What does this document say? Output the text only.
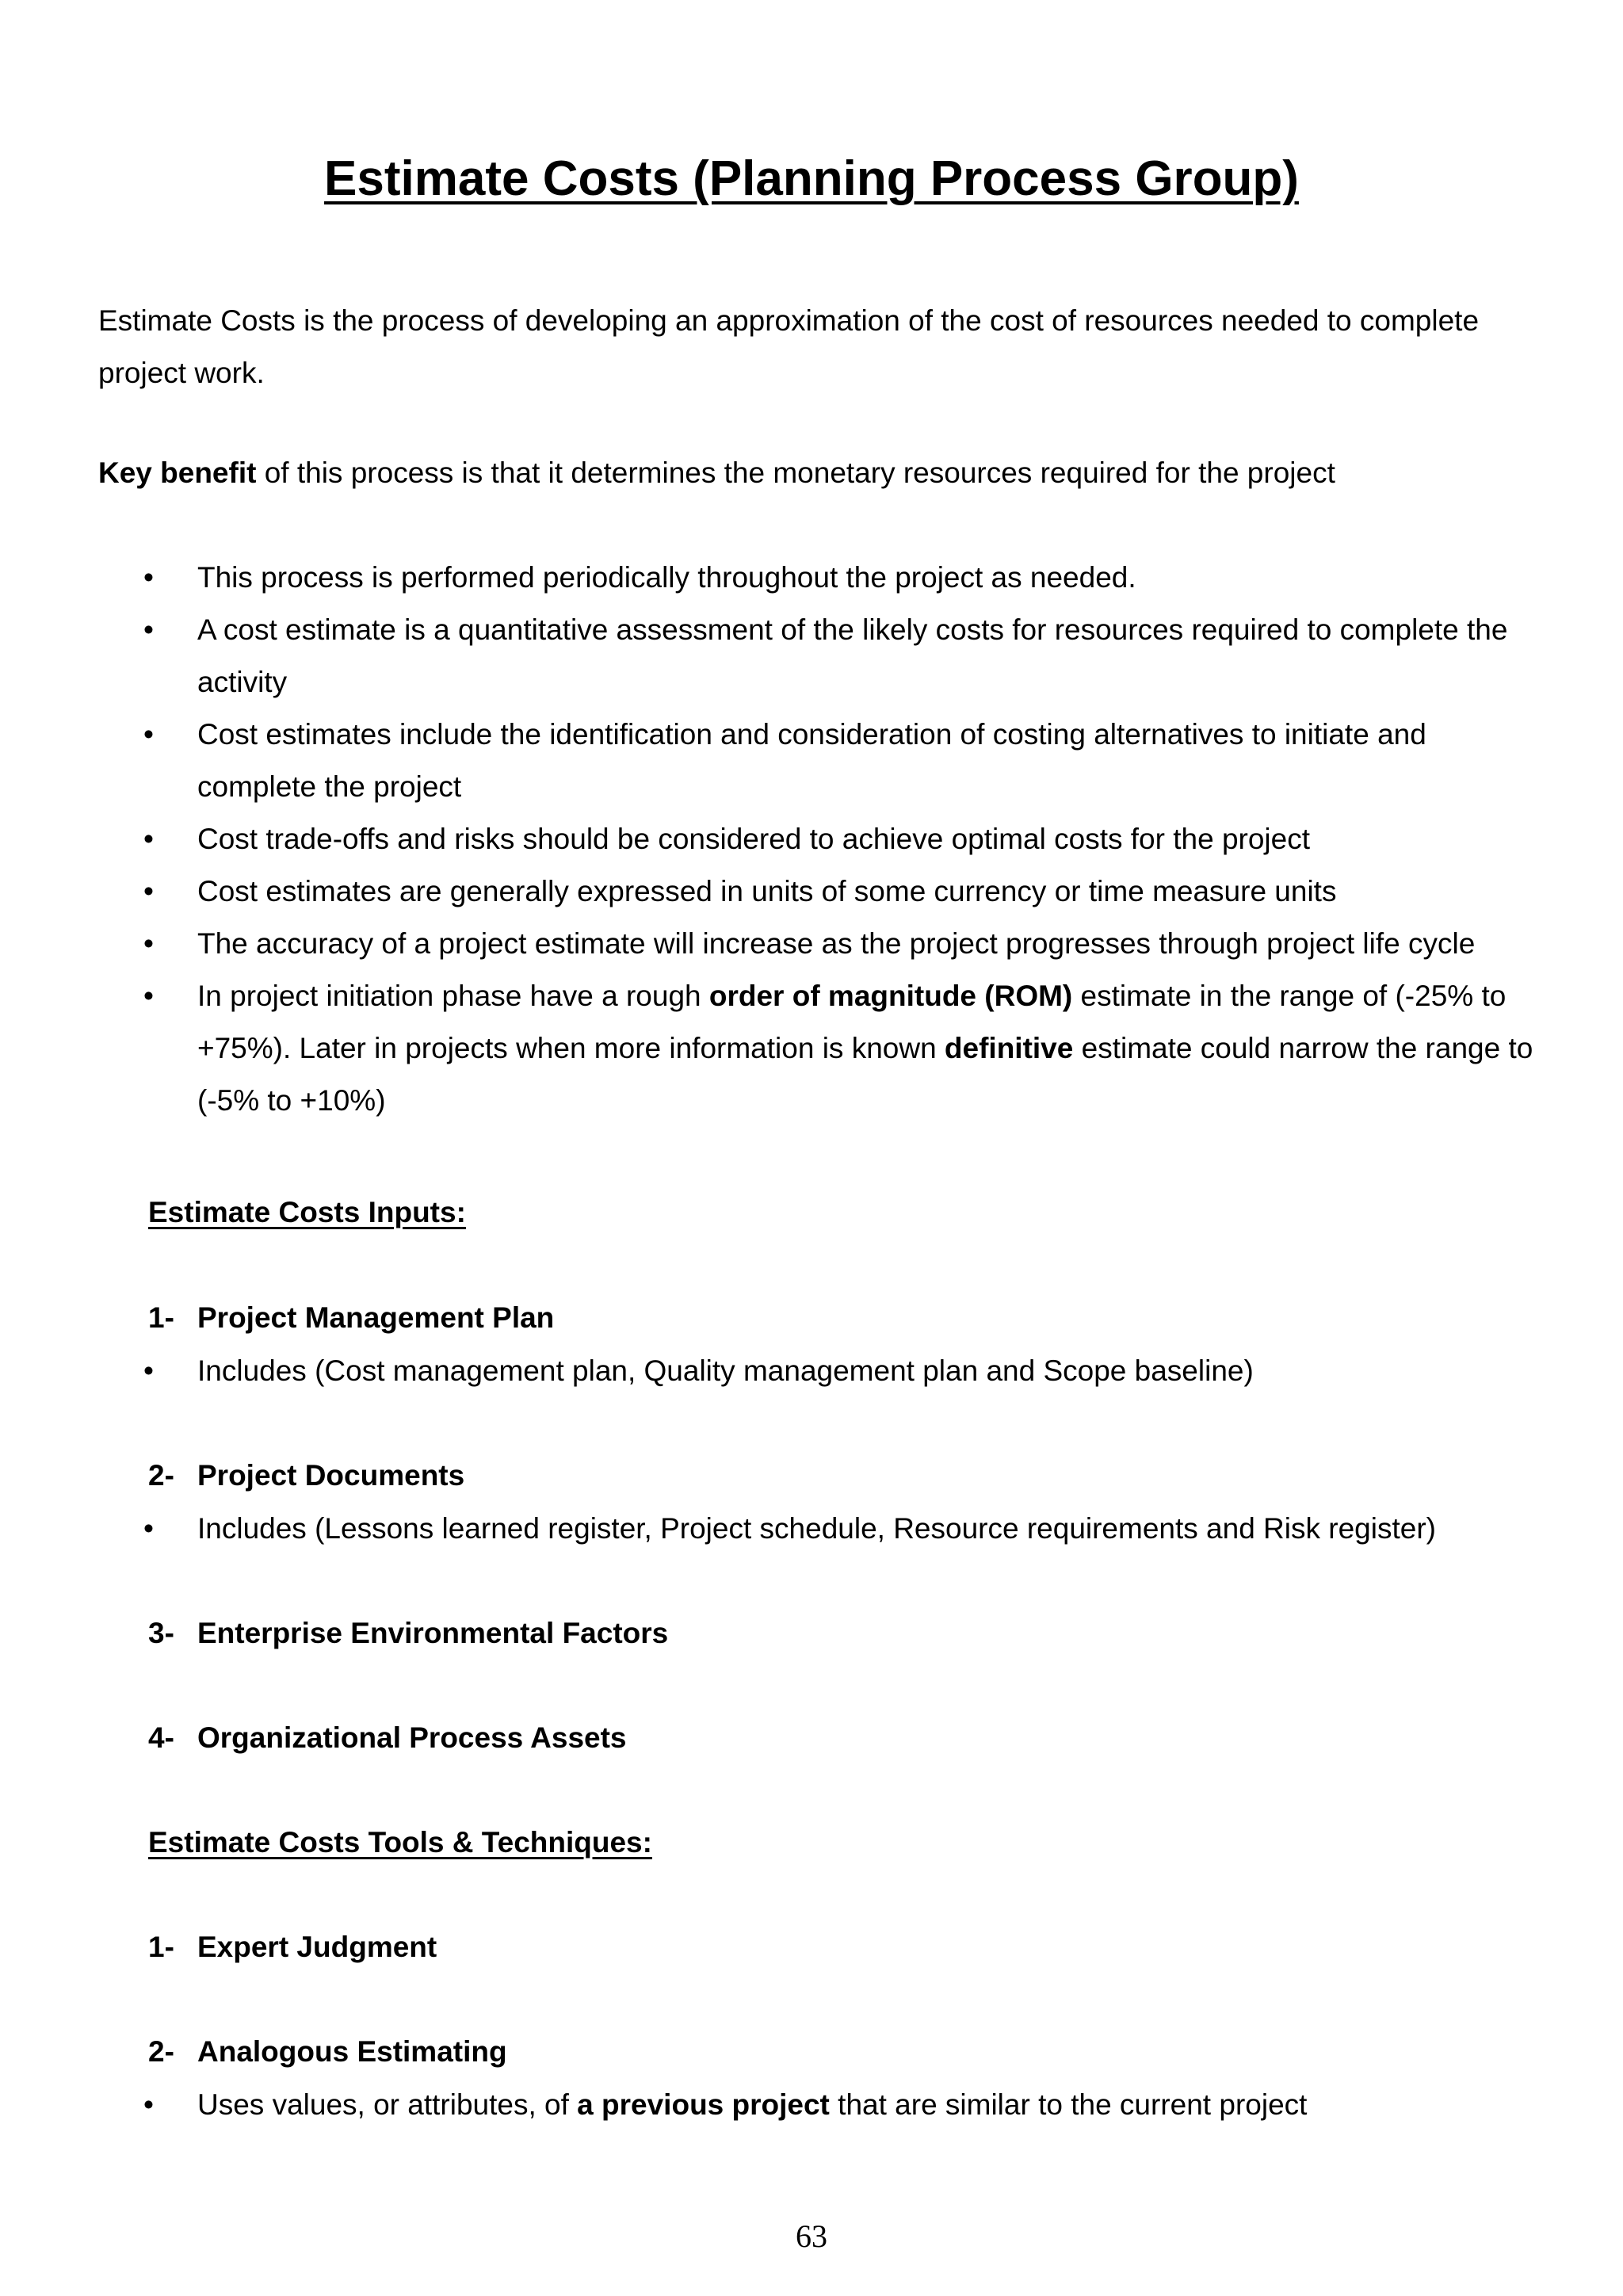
Estimate Costs (Planning Process Group)
Estimate Costs is the process of developing an approximation of the cost of resources needed to complete project work.
Key benefit of this process is that it determines the monetary resources required for the project
• This process is performed periodically throughout the project as needed.
• A cost estimate is a quantitative assessment of the likely costs for resources required to complete the activity
• Cost estimates include the identification and consideration of costing alternatives to initiate and complete the project
• Cost trade-offs and risks should be considered to achieve optimal costs for the project
• Cost estimates are generally expressed in units of some currency or time measure units
• The accuracy of a project estimate will increase as the project progresses through project life cycle
• In project initiation phase have a rough order of magnitude (ROM) estimate in the range of (-25% to +75%). Later in projects when more information is known definitive estimate could narrow the range to (-5% to +10%)
Estimate Costs Inputs:
1- Project Management Plan
• Includes (Cost management plan, Quality management plan and Scope baseline)
2- Project Documents
• Includes (Lessons learned register, Project schedule, Resource requirements and Risk register)
3- Enterprise Environmental Factors
4- Organizational Process Assets
Estimate Costs Tools & Techniques:
1- Expert Judgment
2- Analogous Estimating
• Uses values, or attributes, of a previous project that are similar to the current project
63
